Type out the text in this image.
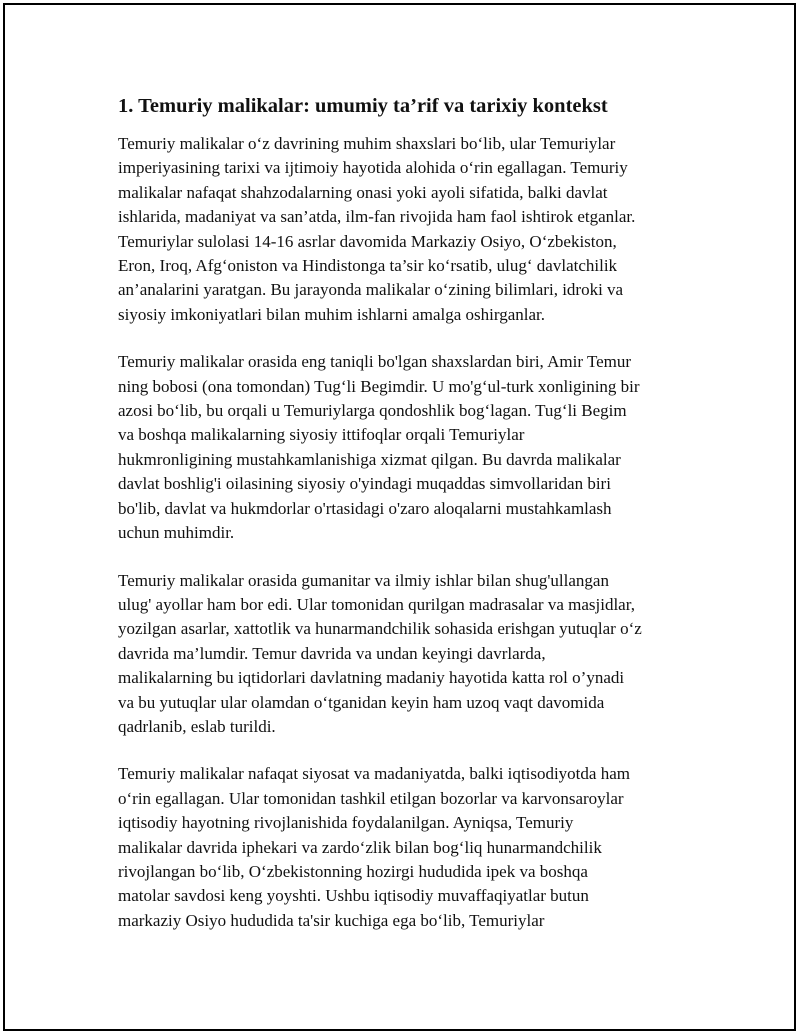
1. Temuriy malikalar: umumiy ta’rif va tarixiy kontekst

Temuriy malikalar o‘z davrining muhim shaxslari bo‘lib, ular Temuriylar
imperiyasining tarixi va ijtimoiy hayotida alohida o‘rin egallagan. Temuriy
malikalar nafaqat shahzodalarning onasi yoki ayoli sifatida, balki davlat
ishlarida, madaniyat va san’atda, ilm-fan rivojida ham faol ishtirok etganlar.
Temuriylar sulolasi 14-16 asrlar davomida Markaziy Osiyo, O‘zbekiston,
Eron, Iroq, Afg‘oniston va Hindistonga ta’sir ko‘rsatib, ulug‘ davlatchilik
an’analarini yaratgan. Bu jarayonda malikalar o‘zining bilimlari, idroki va
siyosiy imkoniyatlari bilan muhim ishlarni amalga oshirganlar.

Temuriy malikalar orasida eng taniqli bo'lgan shaxslardan biri, Amir Temur
ning bobosi (ona tomondan) Tug‘li Begimdir. U mo'g‘ul-turk xonligining bir
azosi bo‘lib, bu orqali u Temuriylarga qondoshlik bog‘lagan. Tug‘li Begim
va boshqa malikalarning siyosiy ittifoqlar orqali Temuriylar
hukmronligining mustahkamlanishiga xizmat qilgan. Bu davrda malikalar
davlat boshlig'i oilasining siyosiy o'yindagi muqaddas simvollaridan biri
bo'lib, davlat va hukmdorlar o'rtasidagi o'zaro aloqalarni mustahkamlash
uchun muhimdir.

Temuriy malikalar orasida gumanitar va ilmiy ishlar bilan shug'ullangan
ulug' ayollar ham bor edi. Ular tomonidan qurilgan madrasalar va masjidlar,
yozilgan asarlar, xattotlik va hunarmandchilik sohasida erishgan yutuqlar o‘z
davrida ma’lumdir. Temur davrida va undan keyingi davrlarda,
malikalarning bu iqtidorlari davlatning madaniy hayotida katta rol o’ynadi
va bu yutuqlar ular olamdan o‘tganidan keyin ham uzoq vaqt davomida
qadrlanib, eslab turildi.

Temuriy malikalar nafaqat siyosat va madaniyatda, balki iqtisodiyotda ham
o‘rin egallagan. Ular tomonidan tashkil etilgan bozorlar va karvonsaroylar
iqtisodiy hayotning rivojlanishida foydalanilgan. Ayniqsa, Temuriy
malikalar davrida iphekari va zardo‘zlik bilan bog‘liq hunarmandchilik
rivojlangan bo‘lib, O‘zbekistonning hozirgi hududida ipek va boshqa
matolar savdosi keng yoyshti. Ushbu iqtisodiy muvaffaqiyatlar butun
markaziy Osiyo hududida ta'sir kuchiga ega bo‘lib, Temuriylar
